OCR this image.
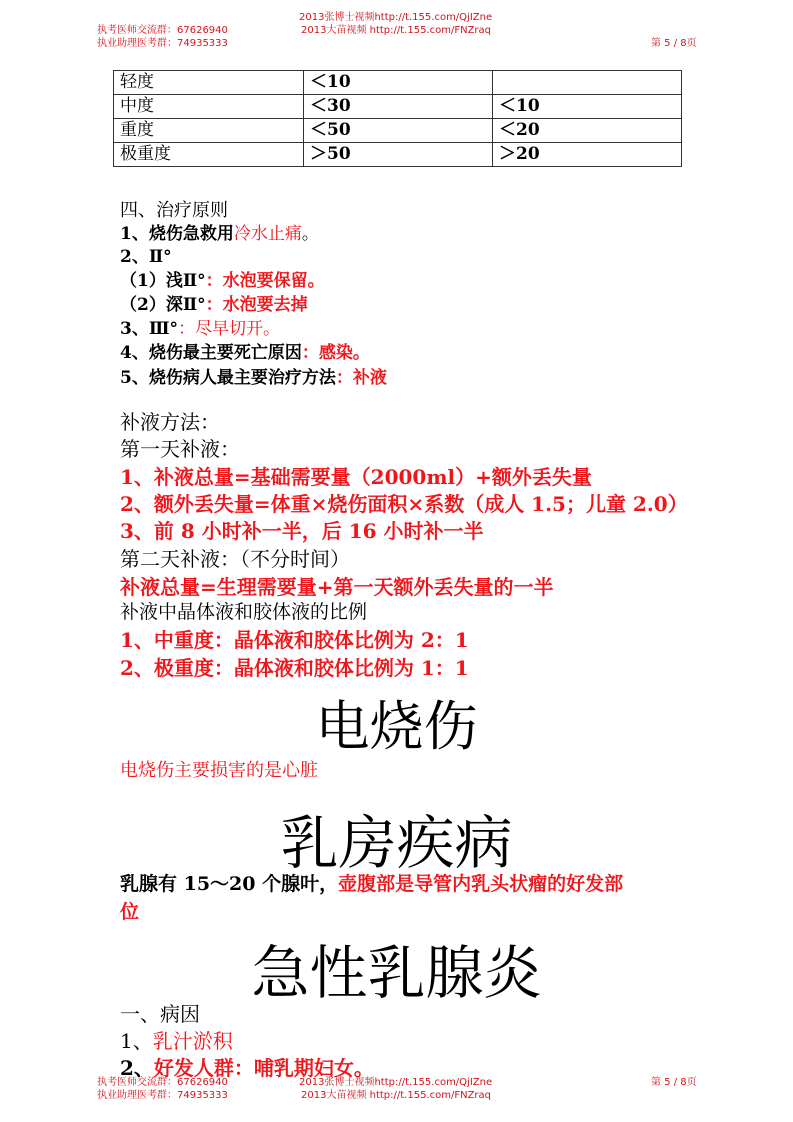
执考医师交流群：67626940
执业助理医考群：74935333
2013张博士视频http://t.155.com/QjIZne
2013大苗视频 http://t.155.com/FNZraq
第 5 / 8页
轻度	＜10	
中度	＜30	＜10
重度	＜50	＜20
极重度	＞50	＞20
四、治疗原则
1、烧伤急救用冷水止痛。
2、Ⅱ°
（1）浅Ⅱ°：水泡要保留。
（2）深Ⅱ°：水泡要去掉
3、Ⅲ°：尽早切开。
4、烧伤最主要死亡原因：感染。
5、烧伤病人最主要治疗方法：补液
补液方法：
第一天补液：
1、补液总量=基础需要量（2000ml）+额外丢失量
2、额外丢失量=体重×烧伤面积×系数（成人 1.5；儿童 2.0）
3、前 8 小时补一半，后 16 小时补一半
第二天补液：（不分时间）
补液总量=生理需要量+第一天额外丢失量的一半
补液中晶体液和胶体液的比例
1、中重度：晶体液和胶体比例为 2：1
2、极重度：晶体液和胶体比例为 1：1
电烧伤主要损害的是心脏
乳腺有 15～20 个腺叶，壶腹部是导管内乳头状瘤的好发部
位
一、病因
1、乳汁淤积
2、好发人群：哺乳期妇女。
电烧伤
乳房疾病
急性乳腺炎
执考医师交流群：67626940
执业助理医考群：74935333
2013张博士视频http://t.155.com/QjIZne
2013大苗视频 http://t.155.com/FNZraq
第 5 / 8页
